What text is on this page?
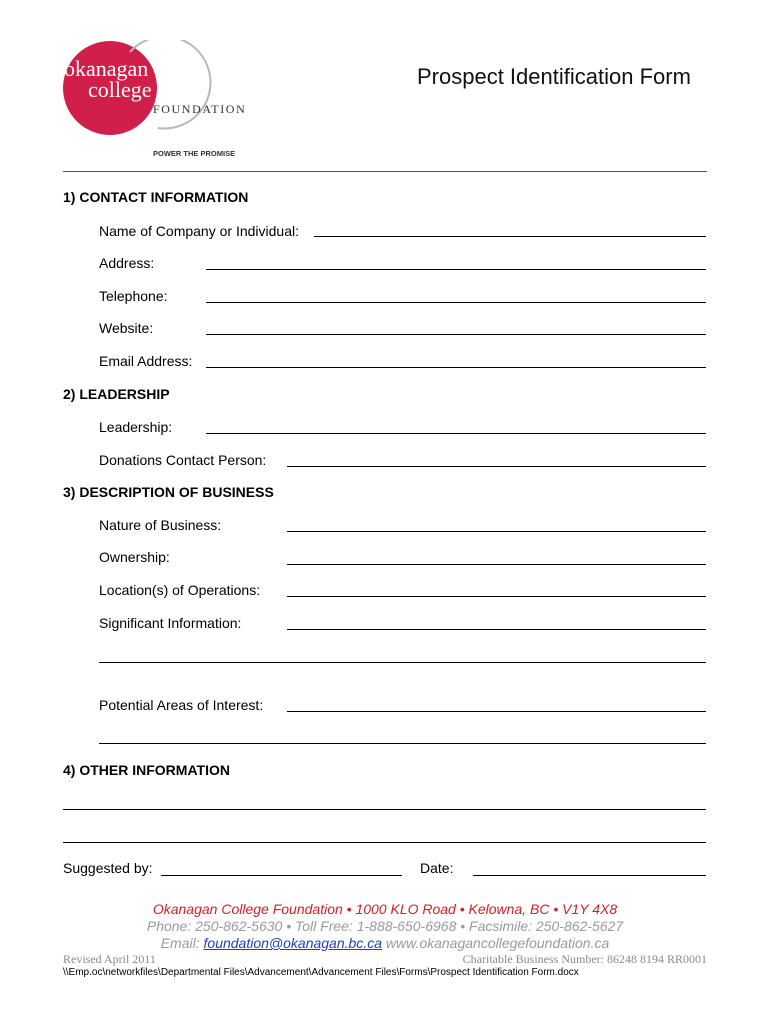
okanagan
college
FOUNDATION
POWER THE PROMISE
Prospect Identification Form
1) CONTACT INFORMATION
Name of Company or Individual:
Address:
Telephone:
Website:
Email Address:
2) LEADERSHIP
Leadership:
Donations Contact Person:
3) DESCRIPTION OF BUSINESS
Nature of Business:
Ownership:
Location(s) of Operations:
Significant Information:
Potential Areas of Interest:
4) OTHER INFORMATION
Suggested by:	Date:
Okanagan College Foundation • 1000 KLO Road • Kelowna, BC • V1Y 4X8
Phone: 250-862-5630 • Toll Free: 1-888-650-6968 • Facsimile: 250-862-5627
Email: foundation@okanagan.bc.ca www.okanagancollegefoundation.ca
Revised April 2011	Charitable Business Number: 86248 8194 RR0001
\\Emp.oc\networkfiles\Departmental Files\Advancement\Advancement Files\Forms\Prospect Identification Form.docx
